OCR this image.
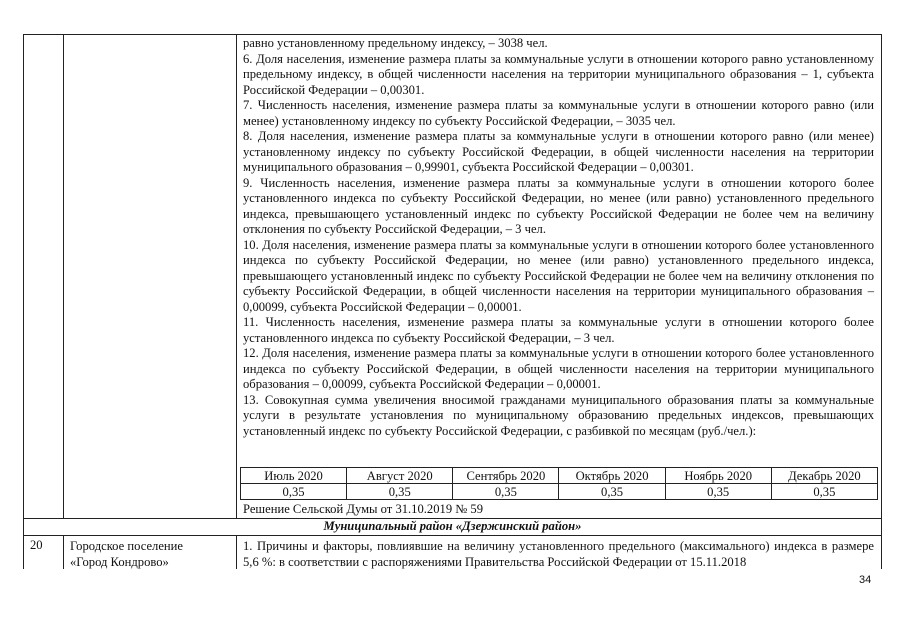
равно установленному предельному индексу, – 3038 чел.

6. Доля населения, изменение размера платы за коммунальные услуги в отношении которого равно установленному предельному индексу, в общей численности населения на территории муниципального образования – 1, субъекта Российской Федерации – 0,00301.

7. Численность населения, изменение размера платы за коммунальные услуги в отношении которого равно (или менее) установленному индексу по субъекту Российской Федерации, – 3035 чел.

8. Доля населения, изменение размера платы за коммунальные услуги в отношении которого равно (или менее) установленному индексу по субъекту Российской Федерации, в общей численности населения на территории муниципального образования – 0,99901, субъекта Российской Федерации – 0,00301.

9. Численность населения, изменение размера платы за коммунальные услуги в отношении которого более установленного индекса по субъекту Российской Федерации, но менее (или равно) установленного предельного индекса, превышающего установленный индекс по субъекту Российской Федерации не более чем на величину отклонения по субъекту Российской Федерации, – 3 чел.

10. Доля населения, изменение размера платы за коммунальные услуги в отношении которого более установленного индекса по субъекту Российской Федерации, но менее (или равно) установленного предельного индекса, превышающего установленный индекс по субъекту Российской Федерации не более чем на величину отклонения по субъекту Российской Федерации, в общей численности населения на территории муниципального образования – 0,00099, субъекта Российской Федерации – 0,00001.

11. Численность населения, изменение размера платы за коммунальные услуги в отношении которого более установленного индекса по субъекту Российской Федерации, – 3 чел.

12. Доля населения, изменение размера платы за коммунальные услуги в отношении которого более установленного индекса по субъекту Российской Федерации, в общей численности населения на территории муниципального образования – 0,00099, субъекта Российской Федерации – 0,00001.

13. Совокупная сумма увеличения вносимой гражданами муниципального образования платы за коммунальные услуги в результате установления по муниципальному образованию предельных индексов, превышающих установленный индекс по субъекту Российской Федерации, с разбивкой по месяцам (руб./чел.):

Июль 2020	Август 2020	Сентябрь 2020	Октябрь 2020	Ноябрь 2020	Декабрь 2020
0,35	0,35	0,35	0,35	0,35	0,35
Решение Сельской Думы от 31.10.2019 № 59
Муниципальный район «Дзержинский район»
20 Городское поселение
«Город Кондрово»
1. Причины и факторы, повлиявшие на величину установленного предельного (максимального) индекса в размере 5,6 %: в соответствии с распоряжениями Правительства Российской Федерации от 15.11.2018
34
